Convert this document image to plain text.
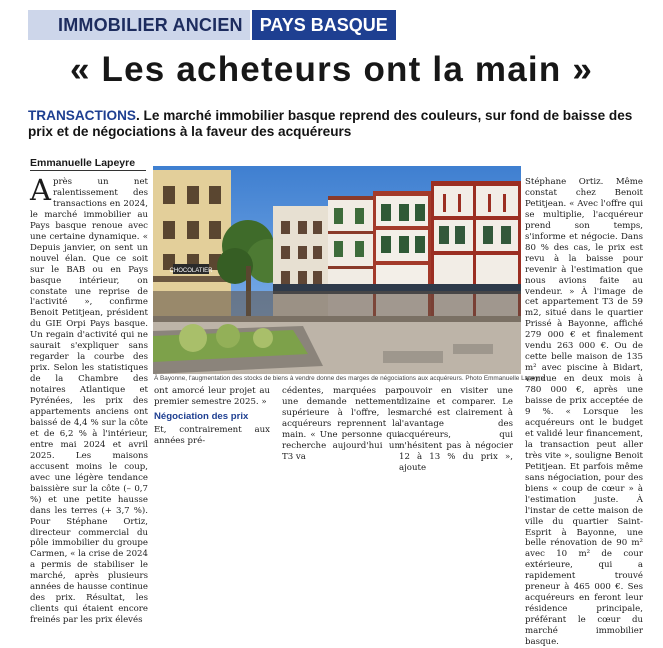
IMMOBILIER ANCIEN PAYS BASQUE
« Les acheteurs ont la main »
TRANSACTIONS. Le marché immobilier basque reprend des couleurs, sur fond de baisse des prix et de négociations à la faveur des acquéreurs
Emmanuelle Lapeyre
A près un net ralentissement des transactions en 2024, le marché immobilier au Pays basque renoue avec une certaine dynamique. « Depuis janvier, on sent un nouvel élan. Que ce soit sur le BAB ou en Pays basque intérieur, on constate une reprise de l'activité », confirme Benoit Petitjean, président du GIE Orpi Pays basque. Un regain d'activité qui ne saurait s'expliquer sans regarder la courbe des prix. Selon les statistiques de la Chambre des notaires Atlantique et Pyrénées, les prix des appartements anciens ont baissé de 4,4 % sur la côte et de 6,2 % à l'intérieur, entre mai 2024 et avril 2025. Les maisons accusent moins le coup, avec une légère tendance baissière sur la côte (– 0,7 %) et une petite hausse dans les terres (+ 3,7 %). Pour Stéphane Ortiz, directeur commercial du pôle immobilier du groupe Carmen, « la crise de 2024 a permis de stabiliser le marché, après plusieurs années de hausse continue des prix. Résultat, les clients qui étaient encore freinés par les prix élevés

CHOCOLATIER
À Bayonne, l'augmentation des stocks de biens à vendre donne des marges de négociations aux acquéreurs. Photo Emmanuelle Lapeyre

ont amorcé leur projet au premier semestre 2025. »

Négociation des prix

Et, contrairement aux années pré-

cédentes, marquées par une demande nettement supérieure à l'offre, les acquéreurs reprennent la main. « Une personne qui recherche aujourd'hui un T3 va

pouvoir en visiter une dizaine et comparer. Le marché est clairement à l'avantage des acquéreurs, qui n'hésitent pas à négocier 12 à 13 % du prix », ajoute

Stéphane Ortiz. Même constat chez Benoit Petitjean. « Avec l'offre qui se multiplie, l'acquéreur prend son temps, s'informe et négocie. Dans 80 % des cas, le prix est revu à la baisse pour revenir à l'estimation que nous avions faite au vendeur. » À l'image de cet appartement T3 de 59 m2, situé dans le quartier Prissé à Bayonne, affiché 279 000 € et finalement vendu 263 000 €. Ou de cette belle maison de 135 m² avec piscine à Bidart, vendue en deux mois à 780 000 €, après une baisse de prix acceptée de 9 %. « Lorsque les acquéreurs ont le budget et validé leur financement, la transaction peut aller très vite », souligne Benoit Petitjean. Et parfois même sans négociation, pour des biens « coup de cœur » à l'estimation juste. À l'instar de cette maison de ville du quartier Saint-Esprit à Bayonne, une belle rénovation de 90 m² avec 10 m² de cour extérieure, qui a rapidement trouvé preneur à 465 000 €. Ses acquéreurs en feront leur résidence principale, préférant le cœur du marché immobilier basque.
